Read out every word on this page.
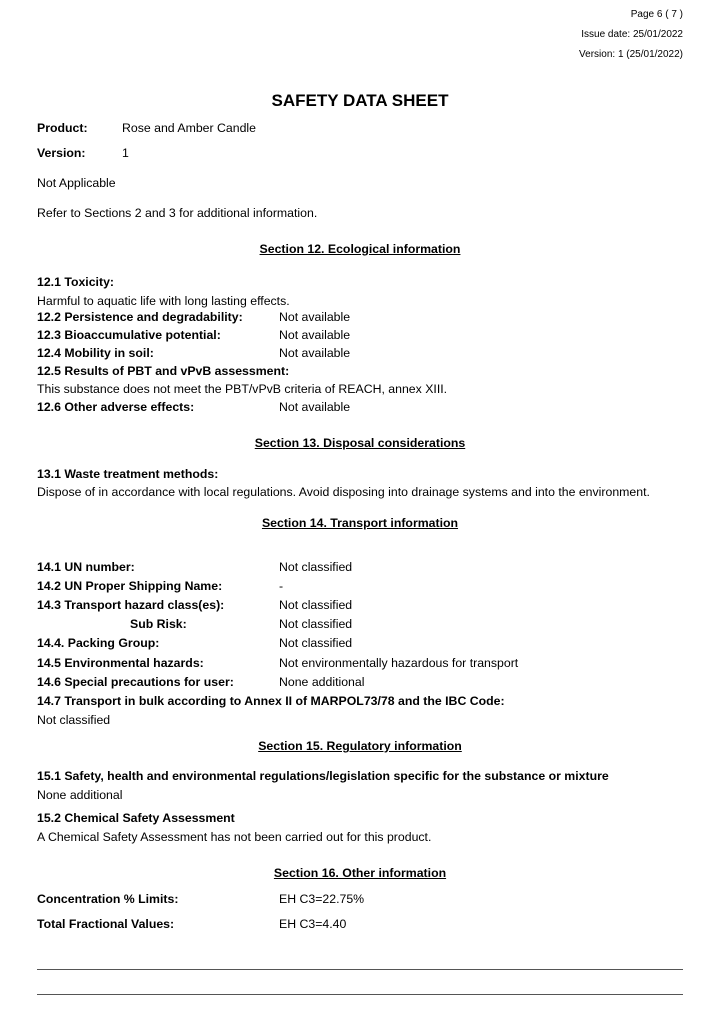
Page 6 ( 7 )
Issue date: 25/01/2022
Version: 1 (25/01/2022)
SAFETY DATA SHEET
Product:	Rose and Amber Candle
Version:	1
Not Applicable
Refer to Sections 2 and 3 for additional information.
Section 12. Ecological information
12.1 Toxicity:
Harmful to aquatic life with long lasting effects.
12.2 Persistence and degradability:	Not available
12.3 Bioaccumulative potential:	Not available
12.4 Mobility in soil:	Not available
12.5 Results of PBT and vPvB assessment:
This substance does not meet the PBT/vPvB criteria of REACH, annex XIII.
12.6 Other adverse effects:	Not available
Section 13. Disposal considerations
13.1 Waste treatment methods:
Dispose of in accordance with local regulations. Avoid disposing into drainage systems and into the environment.
Section 14. Transport information
14.1 UN number:	Not classified
14.2 UN Proper Shipping Name:	-
14.3 Transport hazard class(es):	Not classified
Sub Risk:	Not classified
14.4. Packing Group:	Not classified
14.5 Environmental hazards:	Not environmentally hazardous for transport
14.6 Special precautions for user:	None additional
14.7 Transport in bulk according to Annex II of MARPOL73/78 and the IBC Code:
Not classified
Section 15. Regulatory information
15.1 Safety, health and environmental regulations/legislation specific for the substance or mixture
None additional
15.2 Chemical Safety Assessment
A Chemical Safety Assessment has not been carried out for this product.
Section 16. Other information
Concentration % Limits:	EH C3=22.75%
Total Fractional Values:	EH C3=4.40
